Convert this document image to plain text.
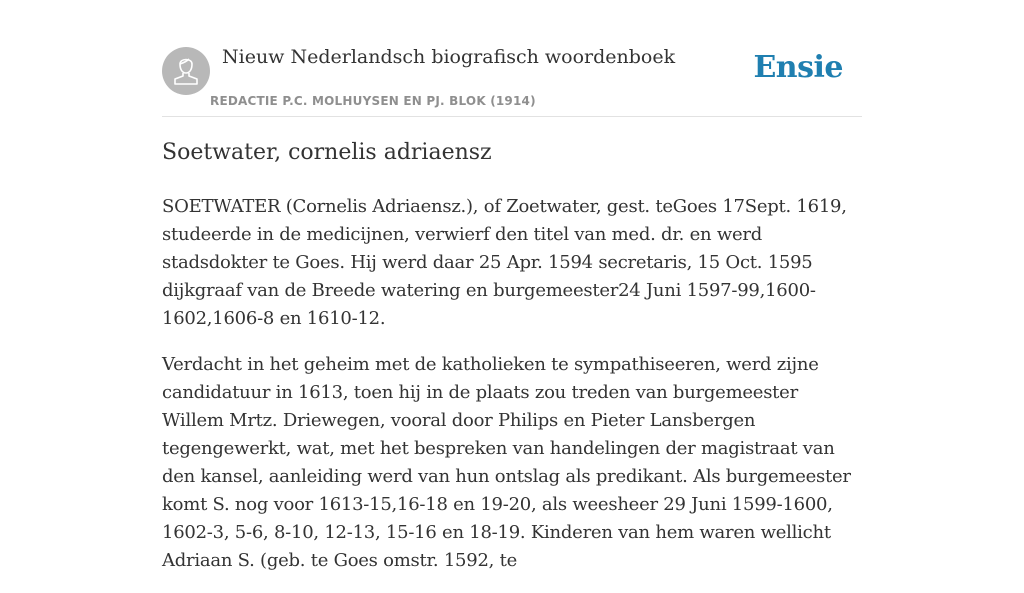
Nieuw Nederlandsch biografisch woordenboek
REDACTIE P.C. MOLHUYSEN EN PJ. BLOK (1914)
Ensie
Soetwater, cornelis adriaensz

SOETWATER (Cornelis Adriaensz.), of Zoetwater, gest. teGoes 17Sept. 1619, studeerde in de medicijnen, verwierf den titel van med. dr. en werd stadsdokter te Goes. Hij werd daar 25 Apr. 1594 secretaris, 15 Oct. 1595 dijkgraaf van de Breede watering en burgemeester24 Juni 1597-99,1600-1602,1606-8 en 1610-12.

Verdacht in het geheim met de katholieken te sympathiseeren, werd zijne candidatuur in 1613, toen hij in de plaats zou treden van burgemeester Willem Mrtz. Driewegen, vooral door Philips en Pieter Lansbergen tegengewerkt, wat, met het bespreken van handelingen der magistraat van den kansel, aanleiding werd van hun ontslag als predikant. Als burgemeester komt S. nog voor 1613-15,16-18 en 19-20, als weesheer 29 Juni 1599-1600, 1602-3, 5-6, 8-10, 12-13, 15-16 en 18-19. Kinderen van hem waren wellicht Adriaan S. (geb. te Goes omstr. 1592, te
